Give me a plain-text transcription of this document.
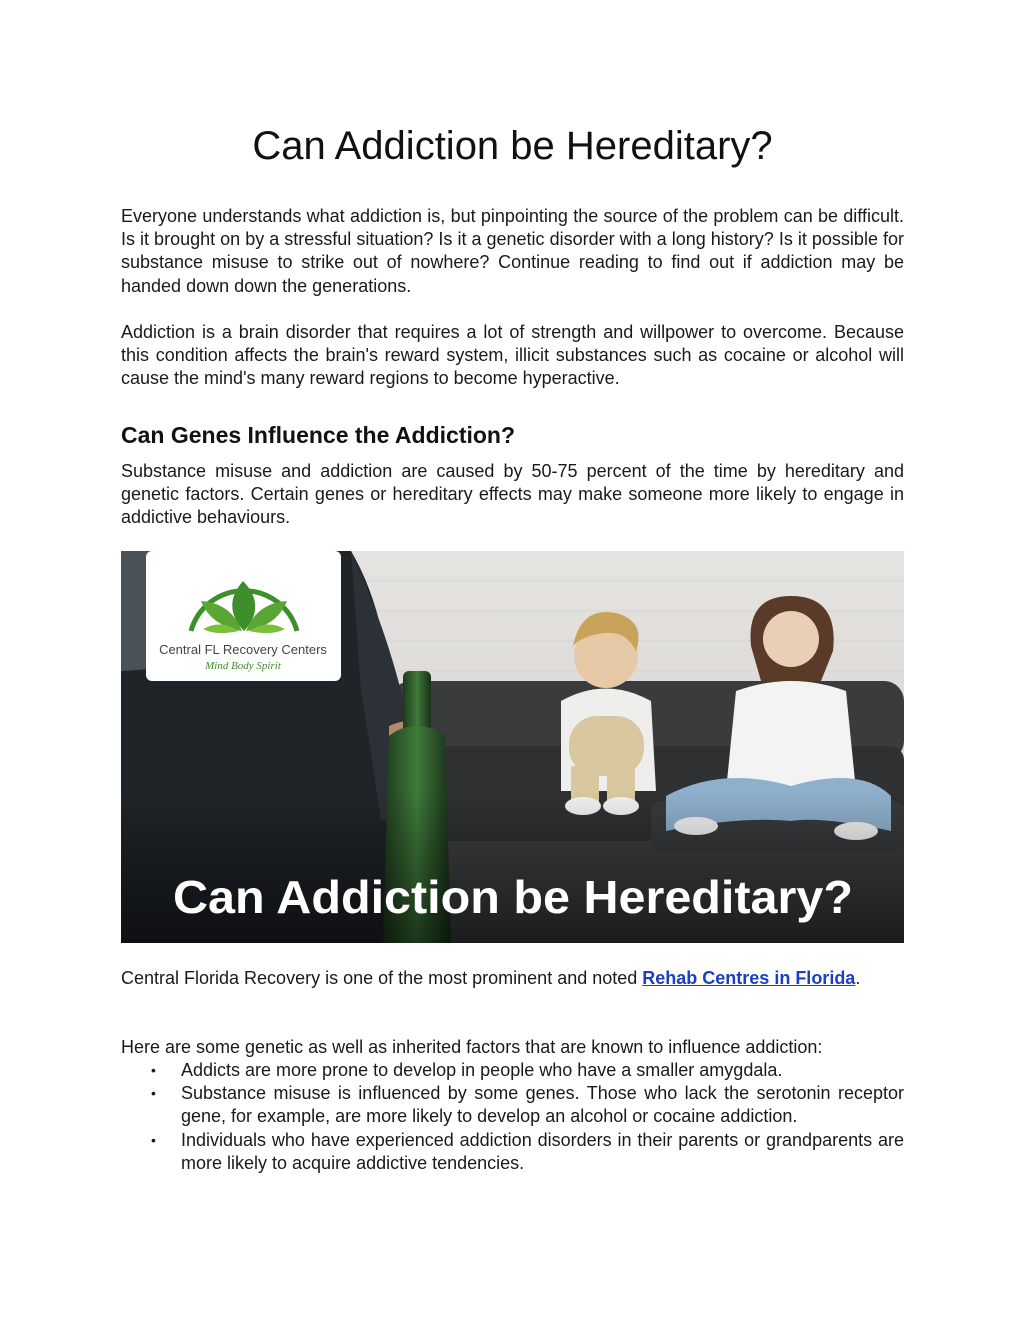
Can Addiction be Hereditary?

Everyone understands what addiction is, but pinpointing the source of the problem can be difficult. Is it brought on by a stressful situation? Is it a genetic disorder with a long history? Is it possible for substance misuse to strike out of nowhere? Continue reading to find out if addiction may be handed down down the generations.

Addiction is a brain disorder that requires a lot of strength and willpower to overcome. Because this condition affects the brain's reward system, illicit substances such as cocaine or alcohol will cause the mind's many reward regions to become hyperactive.

Can Genes Influence the Addiction?

Substance misuse and addiction are caused by 50-75 percent of the time by hereditary and genetic factors. Certain genes or hereditary effects may make someone more likely to engage in addictive behaviours.

Central FL Recovery Centers
Mind Body Spirit
Can Addiction be Hereditary?

Central Florida Recovery is one of the most prominent and noted Rehab Centres in Florida.

Here are some genetic as well as inherited factors that are known to influence addiction:

• Addicts are more prone to develop in people who have a smaller amygdala.
• Substance misuse is influenced by some genes. Those who lack the serotonin receptor gene, for example, are more likely to develop an alcohol or cocaine addiction.
• Individuals who have experienced addiction disorders in their parents or grandparents are more likely to acquire addictive tendencies.
